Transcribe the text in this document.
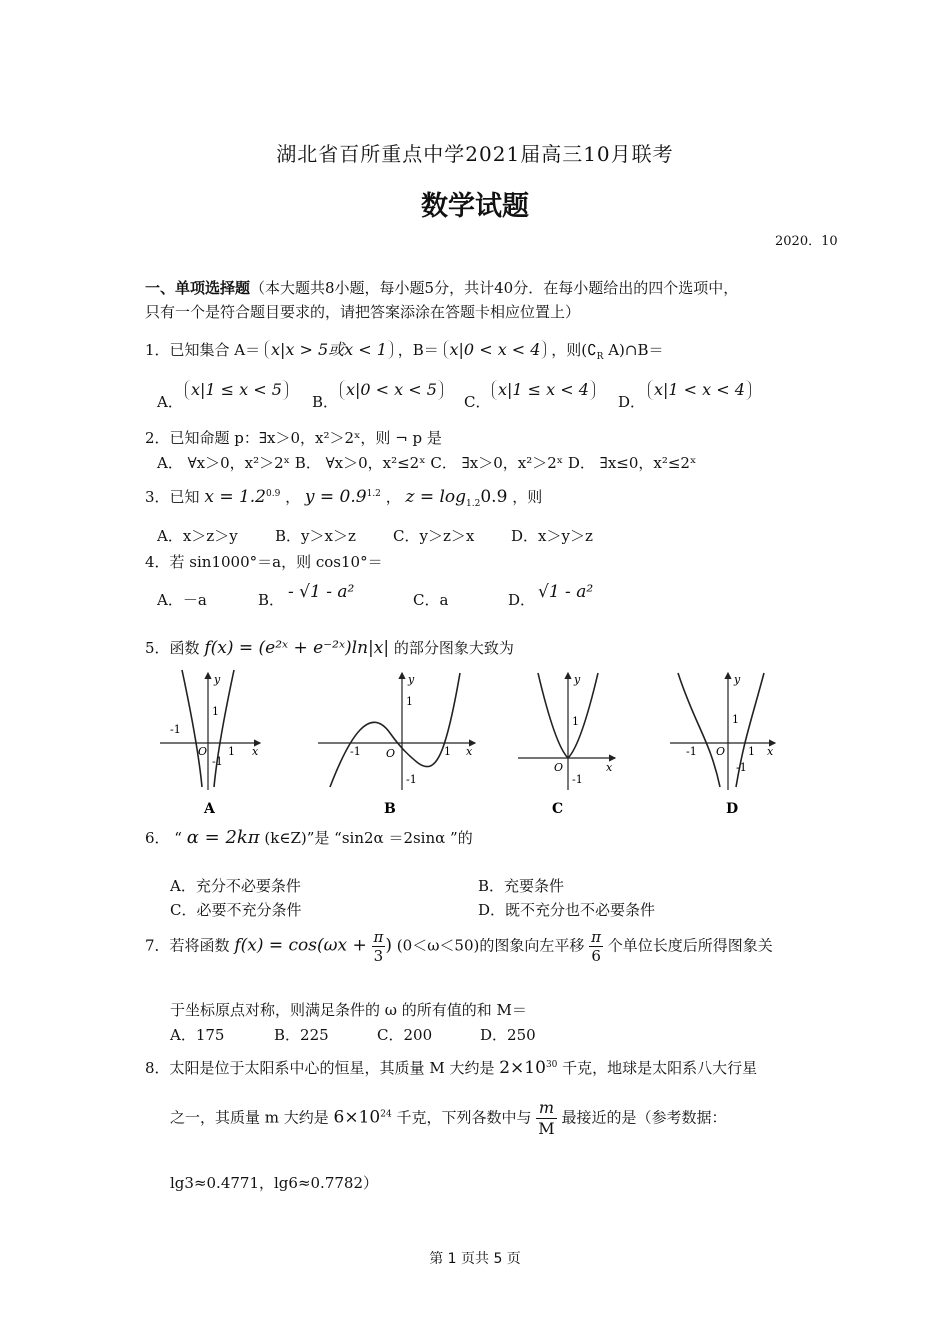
湖北省百所重点中学2021届高三10月联考
数学试题
2020．10
一、单项选择题（本大题共8小题，每小题5分，共计40分．在每小题给出的四个选项中，
只有一个是符合题目要求的，请把答案添涂在答题卡相应位置上）
1．已知集合 A＝ x|x > 5或x < 1 ，B＝ x|0 < x < 4 ，则($∁_R$ A)∩B＝
A．
x|1 ≤ x < 5
B．
x|0 < x < 5
C．
x|1 ≤ x < 4
D．
x|1 < x < 4
2．已知命题 p：∃x＞0，x²＞2ˣ，则 ¬ p 是
A． ∀x＞0，x²＞2ˣ B． ∀x＞0，x²≤2ˣ C． ∃x＞0，x²＞2ˣ D． ∃x≤0，x²≤2ˣ
3．已知 $x = 1.2^{0.9}$ ， $y = 0.9^{1.2}$ ， $z = \log_{1.2}0.9$ ，则
A．x＞z＞y B．y＞x＞z C．y＞z＞x D．x＞y＞z
4．若 sin1000°＝a，则 cos10°＝
A．－a	B． - √1 - a²	C．a	D． √1 - a²
5．函数 f(x) = (e²ˣ + e⁻²ˣ)ln|x| 的部分图象大致为
y
x
O
-1
1
1
-1
A
y
x
O
-1	1
1
-1
B
y
x
O
1
-1
C
y
x
O
-1	1
1
-1
D
6． “ α = 2kπ (k∈Z)”是 “sin2α ＝2sinα ”的
A．充分不必要条件	B．充要条件
C．必要不充分条件	D．既不充分也不必要条件
7．若将函数 $f(x) = \cos(\omega x + \frac{\pi}{3}$ ) (0＜ω＜50)的图象向左平移 $\frac{\pi}{6}$ 个单位长度后所得图象关
于坐标原点对称，则满足条件的 ω 的所有值的和 M＝
A．175	B．225	C．200	D．250
8．太阳是位于太阳系中心的恒星，其质量 M 大约是 $2\times 10^{30}$ 千克，地球是太阳系八大行星
之一，其质量 m 大约是 $6\times 10^{24}$ 千克，下列各数中与 $\frac{m}{M}$ 最接近的是（参考数据：
lg3≈0.4771，lg6≈0.7782）
第 1 页共 5 页
